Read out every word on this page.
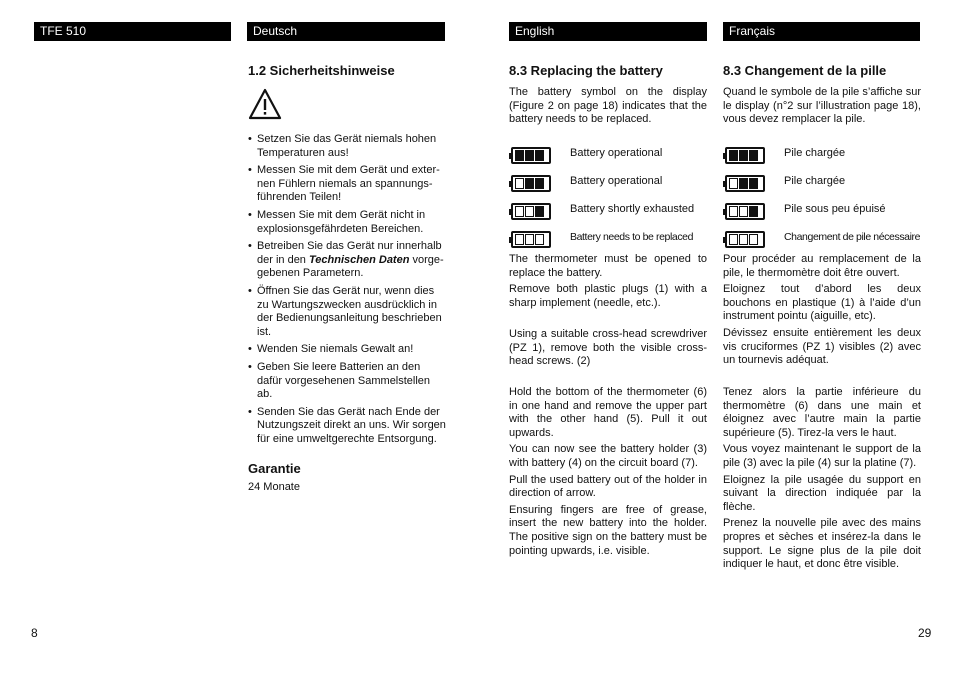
TFE 510	Deutsch	English	Français
1.2 Sicherheitshinweise
• Setzen Sie das Gerät niemals hohen Temperaturen aus!
• Messen Sie mit dem Gerät und exter-nen Fühlern niemals an spannungs-führenden Teilen!
• Messen Sie mit dem Gerät nicht in explosionsgefährdeten Bereichen.
• Betreiben Sie das Gerät nur innerhalb der in den Technischen Daten vorge-gebenen Parametern.
• Öffnen Sie das Gerät nur, wenn dies zu Wartungszwecken ausdrücklich in der Bedienungsanleitung beschrieben ist.
• Wenden Sie niemals Gewalt an!
• Geben Sie leere Batterien an den dafür vorgesehenen Sammelstellen ab.
• Senden Sie das Gerät nach Ende der Nutzungszeit direkt an uns. Wir sorgen für eine umweltgerechte Entsorgung.
Garantie
24 Monate
8.3 Replacing the battery
The battery symbol on the display (Figure 2 on page 18) indicates that the battery needs to be replaced.
Battery operational
Battery operational
Battery shortly exhausted
Battery needs to be replaced

The thermometer must be opened to replace the battery.

Remove both plastic plugs (1) with a sharp implement (needle, etc.).

Using a suitable cross-head screwdriver (PZ 1), remove both the visible cross-head screws. (2)

Hold the bottom of the thermometer (6) in one hand and remove the upper part with the other hand (5). Pull it out upwards.

You can now see the battery holder (3) with battery (4) on the circuit board (7).

Pull the used battery out of the holder in direction of arrow.

Ensuring fingers are free of grease, insert the new battery into the holder. The positive sign on the battery must be pointing upwards, i.e. visible.

8.3 Changement de la pille
Quand le symbole de la pile s’affiche sur le display (n°2 sur l’illustration page 18), vous devez remplacer la pile.
Pile chargée
Pile chargée
Pile sous peu épuisé
Changement de pile nécessaire

Pour procéder au remplacement de la pile, le thermomètre doit être ouvert.

Eloignez tout d’abord les deux bouchons en plastique (1) à l’aide d’un instrument pointu (aiguille, etc).

Dévissez ensuite entièrement les deux vis cruciformes (PZ 1) visibles (2) avec un tournevis adéquat.

Tenez alors la partie inférieure du thermomètre (6) dans une main et éloignez avec l’autre main la partie supérieure (5). Tirez-la vers le haut.

Vous voyez maintenant le support de la pile (3) avec la pile (4) sur la platine (7).

Eloignez la pile usagée du support en suivant la direction indiquée par la flèche.

Prenez la nouvelle pile avec des mains propres et sèches et insérez-la dans le support. Le signe plus de la pile doit indiquer le haut, et donc être visible.

8	29
